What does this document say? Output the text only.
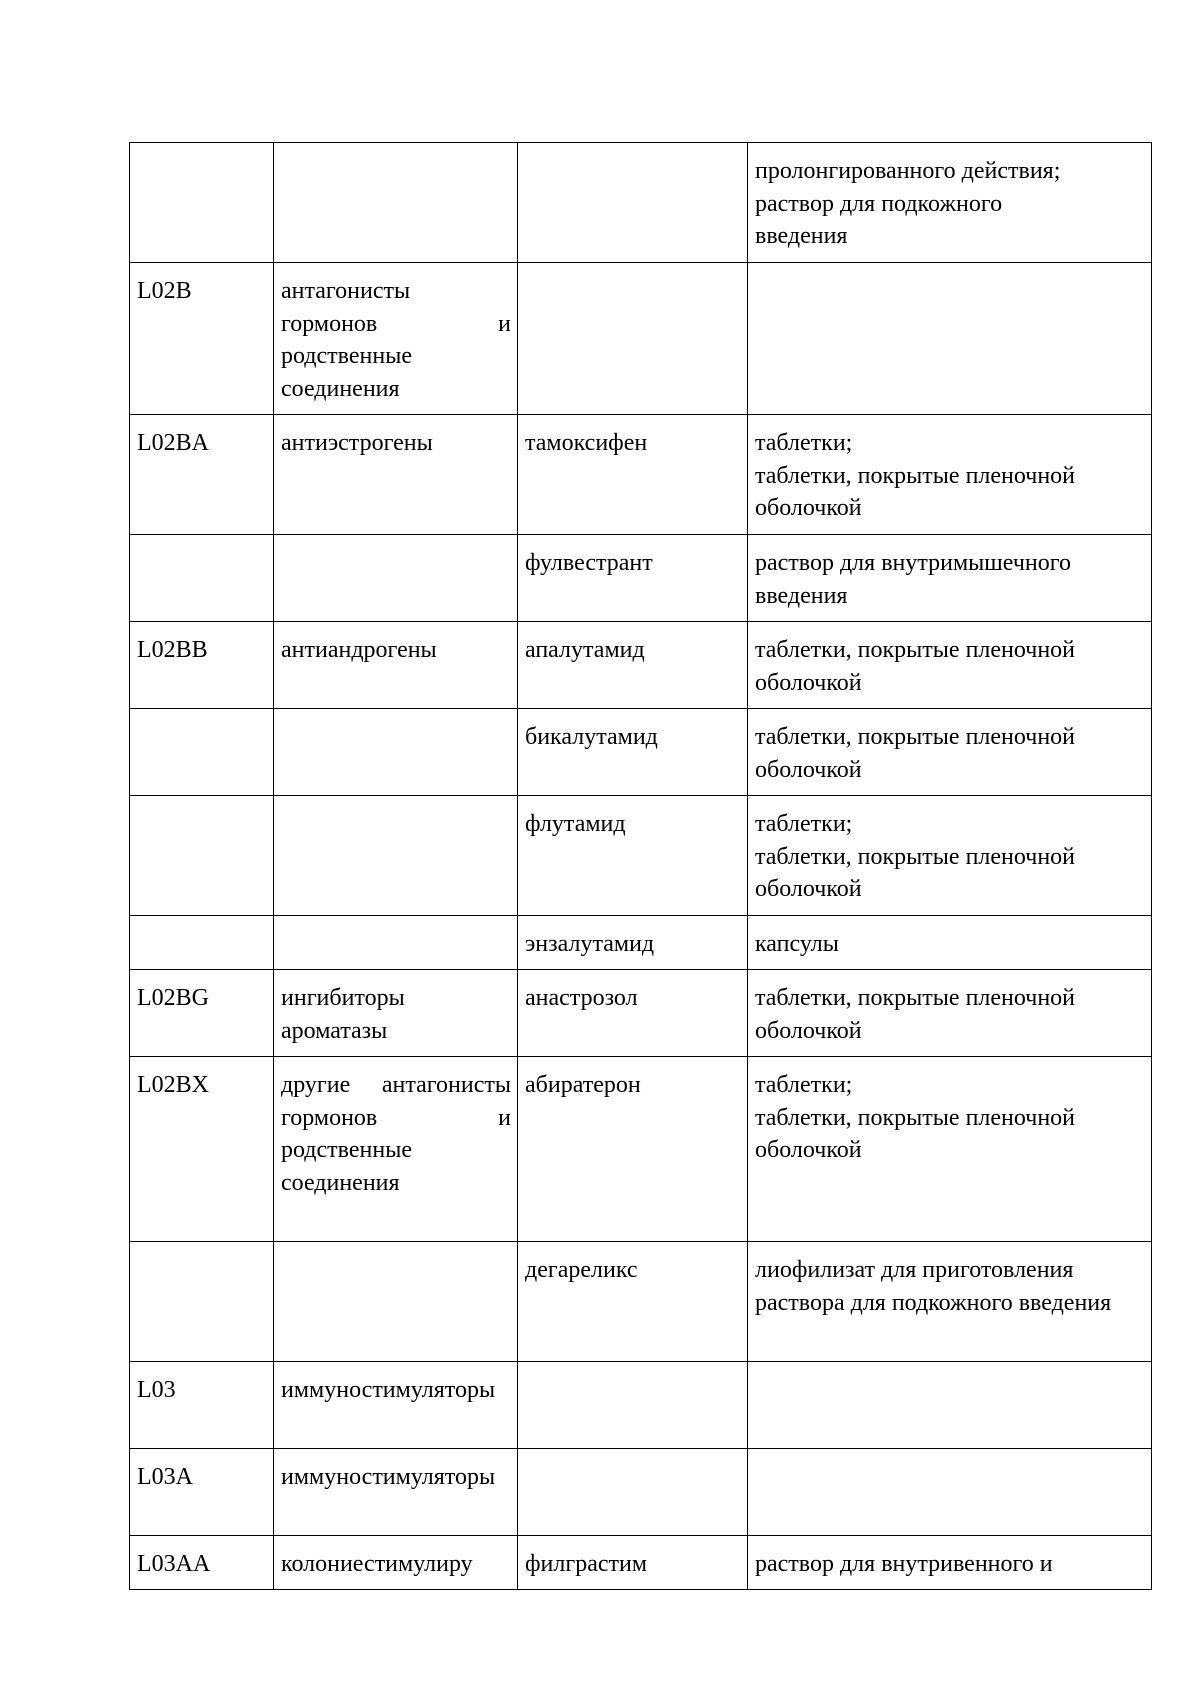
			пролонгированного действия;
раствор для подкожного
введения
L02B	антагонисты гормонов и родственные соединения		
L02BA	антиэстрогены	тамоксифен	таблетки;
таблетки, покрытые пленочной оболочкой
		фулвестрант	раствор для внутримышечного введения
L02BB	антиандрогены	апалутамид	таблетки, покрытые пленочной оболочкой
		бикалутамид	таблетки, покрытые пленочной оболочкой
		флутамид	таблетки;
таблетки, покрытые пленочной оболочкой
		энзалутамид	капсулы
L02BG	ингибиторы ароматазы	анастрозол	таблетки, покрытые пленочной оболочкой
L02BX	другие антагонисты гормонов и родственные соединения	абиратерон	таблетки;
таблетки, покрытые пленочной оболочкой
		дегареликс	лиофилизат для приготовления раствора для подкожного введения
L03	иммуностимуляторы		
L03A	иммуностимуляторы		
L03AA	колониестимулиру	филграстим	раствор для внутривенного и
